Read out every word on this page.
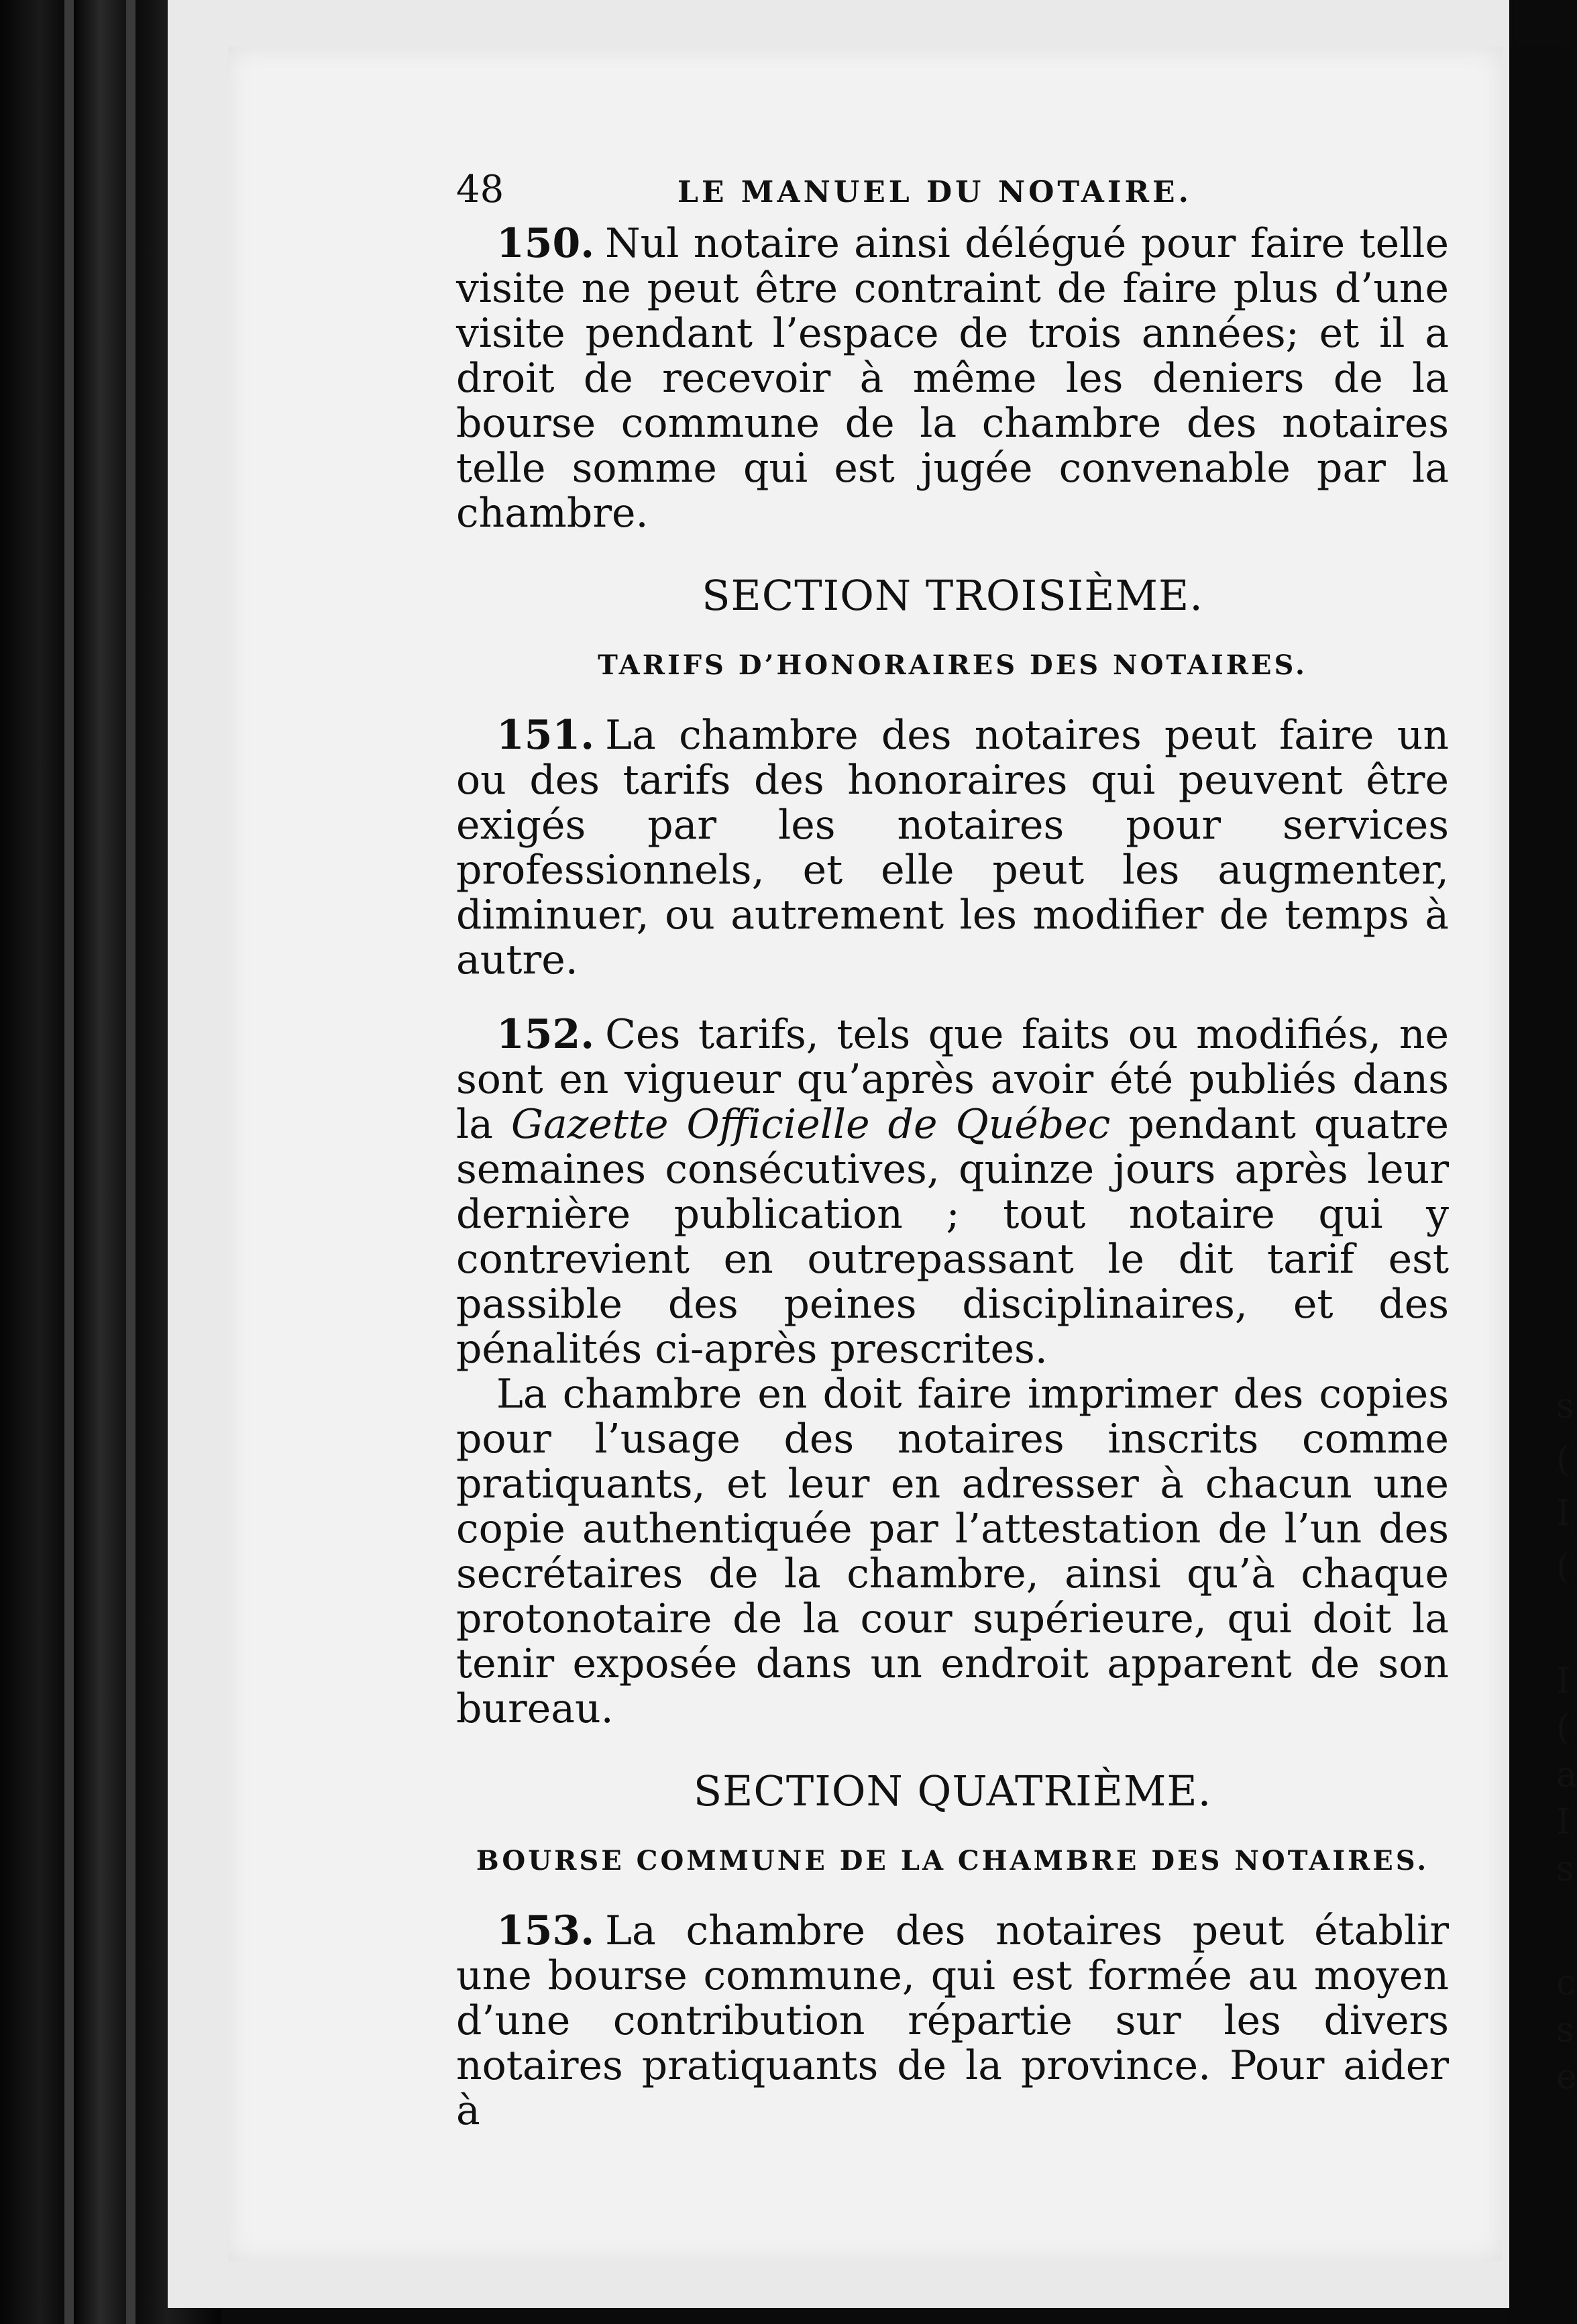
s
(
I
(
I
(
a
I
s
c
s
e
48	LE MANUEL DU NOTAIRE.

150. Nul notaire ainsi délégué pour faire telle visite ne peut être contraint de faire plus d’une visite pendant l’espace de trois années; et il a droit de recevoir à même les deniers de la bourse commune de la chambre des notaires telle somme qui est jugée convenable par la chambre.

SECTION TROISIÈME.
TARIFS D’HONORAIRES DES NOTAIRES.

151. La chambre des notaires peut faire un ou des tarifs des honoraires qui peuvent être exigés par les notaires pour services professionnels, et elle peut les augmenter, diminuer, ou autrement les modifier de temps à autre.

152. Ces tarifs, tels que faits ou modifiés, ne sont en vigueur qu’après avoir été publiés dans la Gazette Officielle de Québec pendant quatre semaines consécutives, quinze jours après leur dernière publication ; tout notaire qui y contrevient en outrepassant le dit tarif est passible des peines disciplinaires, et des pénalités ci-après prescrites.

La chambre en doit faire imprimer des copies pour l’usage des notaires inscrits comme pratiquants, et leur en adresser à chacun une copie authentiquée par l’attestation de l’un des secrétaires de la chambre, ainsi qu’à chaque protonotaire de la cour supérieure, qui doit la tenir exposée dans un endroit apparent de son bureau.

SECTION QUATRIÈME.
BOURSE COMMUNE DE LA CHAMBRE DES NOTAIRES.

153. La chambre des notaires peut établir une bourse commune, qui est formée au moyen d’une contribution répartie sur les divers notaires pratiquants de la province. Pour aider à
